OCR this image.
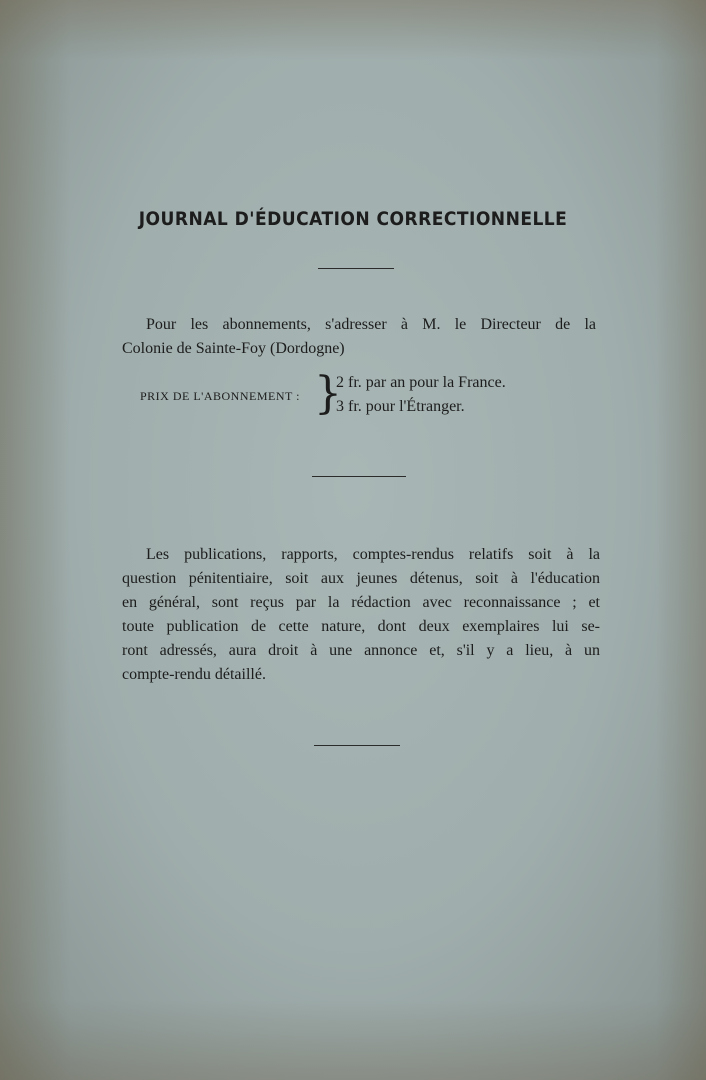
JOURNAL D'ÉDUCATION CORRECTIONNELLE
Pour les abonnements, s'adresser à M. le Directeur de la
Colonie de Sainte-Foy (Dordogne)
PRIX DE L'ABONNEMENT : }
2 fr. par an pour la France.
3 fr. pour l'Étranger.
Les publications, rapports, comptes-rendus relatifs soit à la
question pénitentiaire, soit aux jeunes détenus, soit à l'éducation
en général, sont reçus par la rédaction avec reconnaissance ; et
toute publication de cette nature, dont deux exemplaires lui se-
ront adressés, aura droit à une annonce et, s'il y a lieu, à un
compte-rendu détaillé.
